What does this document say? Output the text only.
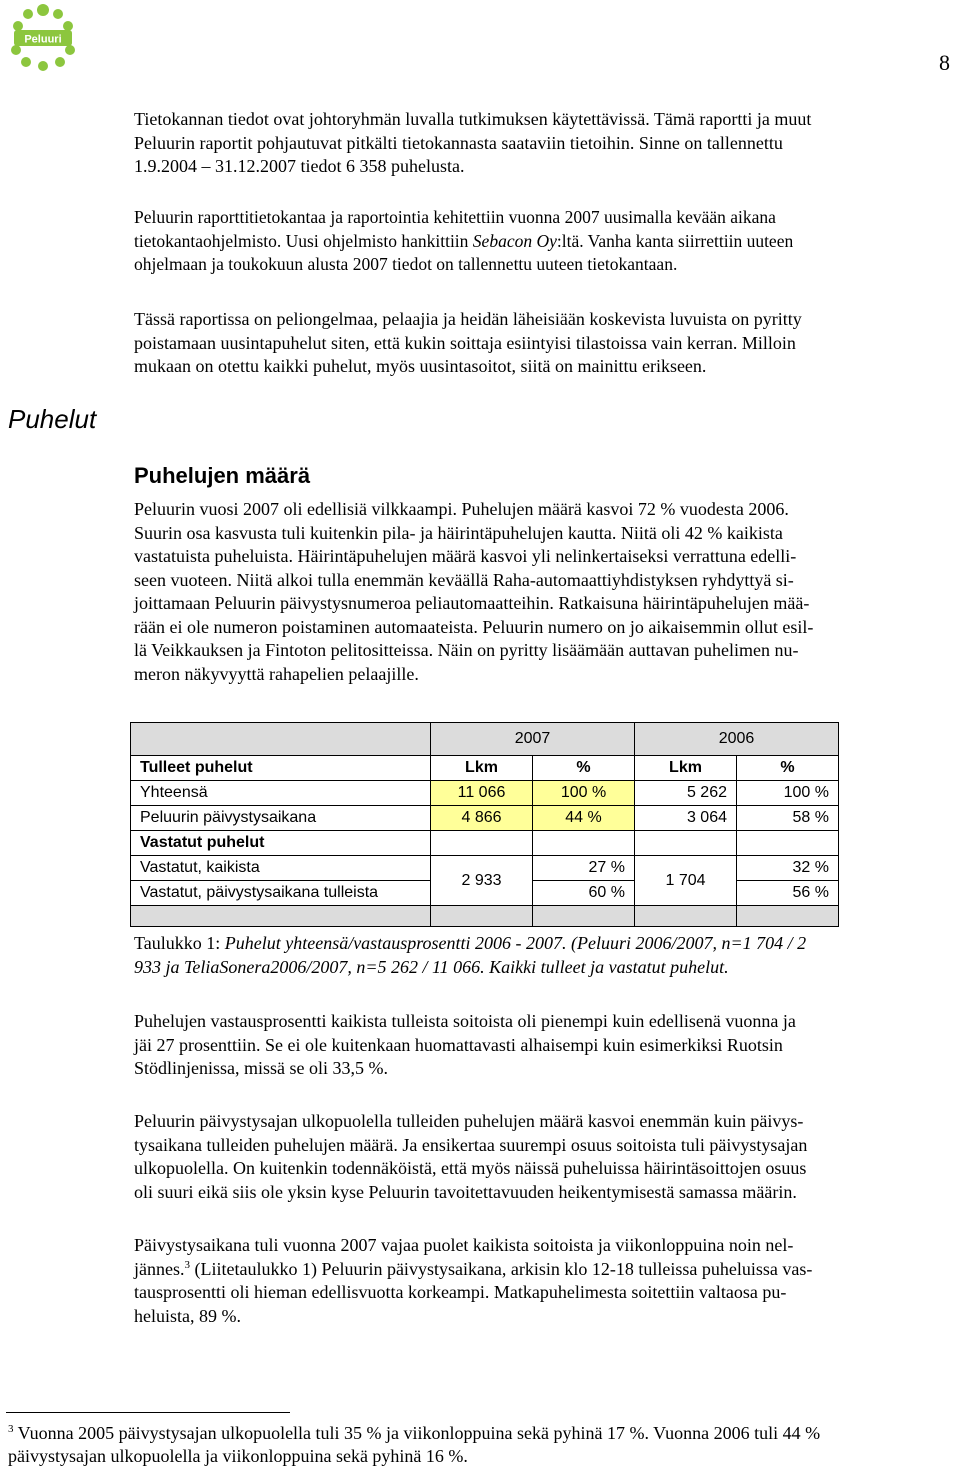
Peluuri
8
Tietokannan tiedot ovat johtoryhmän luvalla tutkimuksen käytettävissä. Tämä raportti ja muut
Peluurin raportit pohjautuvat pitkälti tietokannasta saataviin tietoihin. Sinne on tallennettu
1.9.2004 – 31.12.2007 tiedot 6 358 puhelusta.
Peluurin raporttitietokantaa ja raportointia kehitettiin vuonna 2007 uusimalla kevään aikana
tietokantaohjelmisto. Uusi ohjelmisto hankittiin Sebacon Oy:ltä. Vanha kanta siirrettiin uuteen
ohjelmaan ja toukokuun alusta 2007 tiedot on tallennettu uuteen tietokantaan.
Tässä raportissa on peliongelmaa, pelaajia ja heidän läheisiään koskevista luvuista on pyritty
poistamaan uusintapuhelut siten, että kukin soittaja esiintyisi tilastoissa vain kerran. Milloin
mukaan on otettu kaikki puhelut, myös uusintasoitot, siitä on mainittu erikseen.
Puhelut
Puhelujen määrä
Peluurin vuosi 2007 oli edellisiä vilkkaampi. Puhelujen määrä kasvoi 72 % vuodesta 2006.
Suurin osa kasvusta tuli kuitenkin pila- ja häirintäpuhelujen kautta. Niitä oli 42 % kaikista
vastatuista puheluista. Häirintäpuhelujen määrä kasvoi yli nelinkertaiseksi verrattuna edelli-
seen vuoteen. Niitä alkoi tulla enemmän keväällä Raha-automaattiyhdistyksen ryhdyttyä si-
joittamaan Peluurin päivystysnumeroa peliautomaatteihin. Ratkaisuna häirintäpuhelujen mää-
rään ei ole numeron poistaminen automaateista. Peluurin numero on jo aikaisemmin ollut esil-
lä Veikkauksen ja Fintoton pelitositteissa. Näin on pyritty lisäämään auttavan puhelimen nu-
meron näkyvyyttä rahapelien pelaajille.
	2007		2006	
Tulleet puhelut	Lkm	%	Lkm	%
Yhteensä	11 066	100 %	5 262	100 %
Peluurin päivystysaikana	4 866	44 %	3 064	58 %
Vastatut puhelut				
Vastatut, kaikista	2 933	27 %	1 704	32 %
Vastatut, päivystysaikana tulleista		60 %		56 %

Taulukko 1: Puhelut yhteensä/vastausprosentti 2006 - 2007. (Peluuri 2006/2007, n=1 704 / 2
933 ja TeliaSonera2006/2007, n=5 262 / 11 066. Kaikki tulleet ja vastatut puhelut.
Puhelujen vastausprosentti kaikista tulleista soitoista oli pienempi kuin edellisenä vuonna ja
jäi 27 prosenttiin. Se ei ole kuitenkaan huomattavasti alhaisempi kuin esimerkiksi Ruotsin
Stödlinjenissa, missä se oli 33,5 %.
Peluurin päivystysajan ulkopuolella tulleiden puhelujen määrä kasvoi enemmän kuin päivys-
tysaikana tulleiden puhelujen määrä. Ja ensikertaa suurempi osuus soitoista tuli päivystysajan
ulkopuolella. On kuitenkin todennäköistä, että myös näissä puheluissa häirintäsoittojen osuus
oli suuri eikä siis ole yksin kyse Peluurin tavoitettavuuden heikentymisestä samassa määrin.
Päivystysaikana tuli vuonna 2007 vajaa puolet kaikista soitoista ja viikonloppuina noin nel-
jännes.$^3$ (Liitetaulukko 1) Peluurin päivystysaikana, arkisin klo 12-18 tulleissa puheluissa vas-
tausprosentti oli hieman edellisvuotta korkeampi. Matkapuhelimesta soitettiin valtaosa pu-
heluista, 89 %.
$^3$ Vuonna 2005 päivystysajan ulkopuolella tuli 35 % ja viikonloppuina sekä pyhinä 17 %. Vuonna 2006 tuli 44 %
päivystysajan ulkopuolella ja viikonloppuina sekä pyhinä 16 %.
